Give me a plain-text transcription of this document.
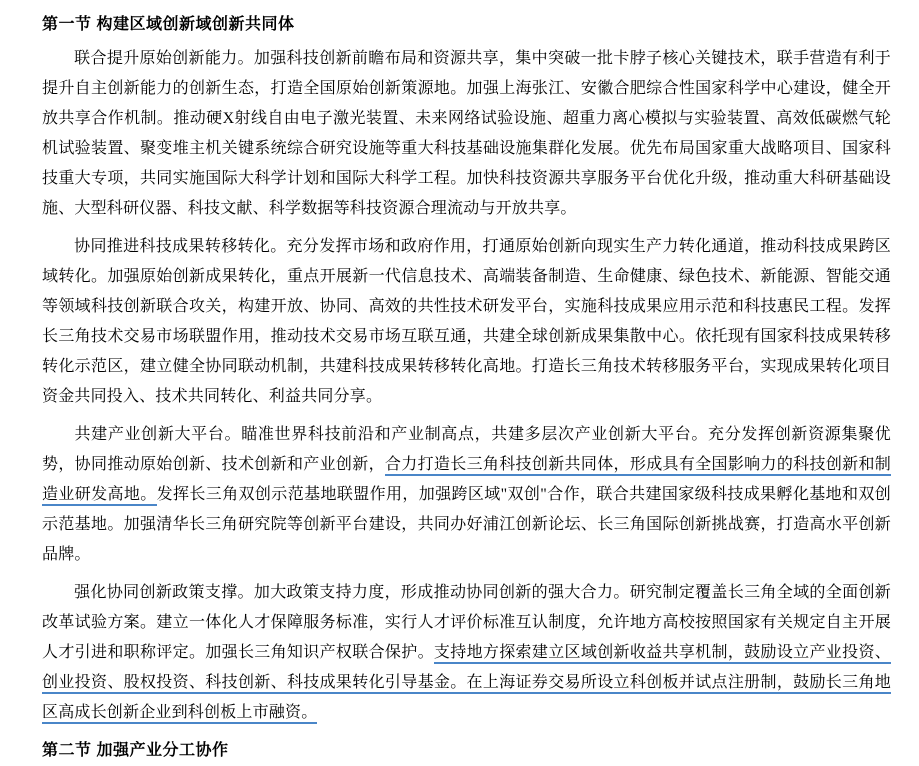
第一节 构建区域创新域创新共同体

联合提升原始创新能力。加强科技创新前瞻布局和资源共享，集中突破一批卡脖子核心关键技术，联手营造有利于提升自主创新能力的创新生态，打造全国原始创新策源地。加强上海张江、安徽合肥综合性国家科学中心建设，健全开放共享合作机制。推动硬X射线自由电子激光装置、未来网络试验设施、超重力离心模拟与实验装置、高效低碳燃气轮机试验装置、聚变堆主机关键系统综合研究设施等重大科技基础设施集群化发展。优先布局国家重大战略项目、国家科技重大专项，共同实施国际大科学计划和国际大科学工程。加快科技资源共享服务平台优化升级，推动重大科研基础设施、大型科研仪器、科技文献、科学数据等科技资源合理流动与开放共享。

协同推进科技成果转移转化。充分发挥市场和政府作用，打通原始创新向现实生产力转化通道，推动科技成果跨区域转化。加强原始创新成果转化，重点开展新一代信息技术、高端装备制造、生命健康、绿色技术、新能源、智能交通等领域科技创新联合攻关，构建开放、协同、高效的共性技术研发平台，实施科技成果应用示范和科技惠民工程。发挥长三角技术交易市场联盟作用，推动技术交易市场互联互通，共建全球创新成果集散中心。依托现有国家科技成果转移转化示范区，建立健全协同联动机制，共建科技成果转移转化高地。打造长三角技术转移服务平台，实现成果转化项目资金共同投入、技术共同转化、利益共同分享。

共建产业创新大平台。瞄准世界科技前沿和产业制高点，共建多层次产业创新大平台。充分发挥创新资源集聚优势，协同推动原始创新、技术创新和产业创新，合力打造长三角科技创新共同体，形成具有全国影响力的科技创新和制造业研发高地。发挥长三角双创示范基地联盟作用，加强跨区域"双创"合作，联合共建国家级科技成果孵化基地和双创示范基地。加强清华长三角研究院等创新平台建设，共同办好浦江创新论坛、长三角国际创新挑战赛，打造高水平创新品牌。

强化协同创新政策支撑。加大政策支持力度，形成推动协同创新的强大合力。研究制定覆盖长三角全域的全面创新改革试验方案。建立一体化人才保障服务标准，实行人才评价标准互认制度，允许地方高校按照国家有关规定自主开展人才引进和职称评定。加强长三角知识产权联合保护。支持地方探索建立区域创新收益共享机制，鼓励设立产业投资、创业投资、股权投资、科技创新、科技成果转化引导基金。在上海证券交易所设立科创板并试点注册制，鼓励长三角地区高成长创新企业到科创板上市融资。

第二节 加强产业分工协作
